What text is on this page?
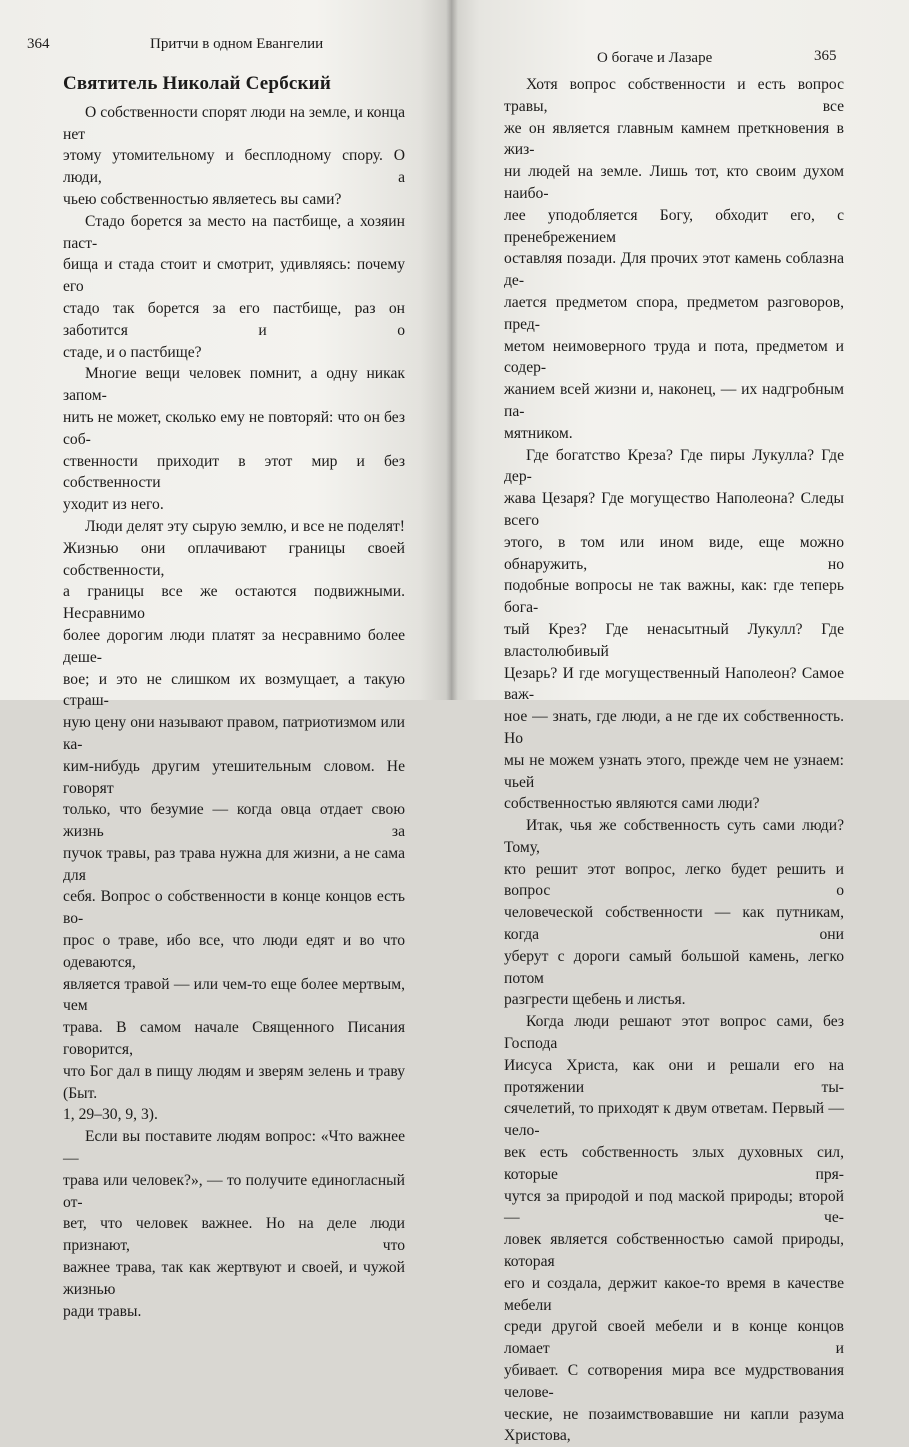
364	Притчи в одном Евангелии
Святитель Николай Сербский
О собственности спорят люди на земле, и конца нет
этому утомительному и бесплодному спору. О люди, а
чьею собственностью являетесь вы сами?
Стадо борется за место на пастбище, а хозяин паст-
бища и стада стоит и смотрит, удивляясь: почему его
стадо так борется за его пастбище, раз он заботится и о
стаде, и о пастбище?
Многие вещи человек помнит, а одну никак запом-
нить не может, сколько ему не повторяй: что он без соб-
ственности приходит в этот мир и без собственности
уходит из него.
Люди делят эту сырую землю, и все не поделят!
Жизнью они оплачивают границы своей собственности,
а границы все же остаются подвижными. Несравнимо
более дорогим люди платят за несравнимо более деше-
вое; и это не слишком их возмущает, а такую страш-
ную цену они называют правом, патриотизмом или ка-
ким-нибудь другим утешительным словом. Не говорят
только, что безумие — когда овца отдает свою жизнь за
пучок травы, раз трава нужна для жизни, а не сама для
себя. Вопрос о собственности в конце концов есть во-
прос о траве, ибо все, что люди едят и во что одеваются,
является травой — или чем-то еще более мертвым, чем
трава. В самом начале Священного Писания говорится,
что Бог дал в пищу людям и зверям зелень и траву (Быт.
1, 29–30, 9, 3).
Если вы поставите людям вопрос: «Что важнее —
трава или человек?», — то получите единогласный от-
вет, что человек важнее. Но на деле люди признают, что
важнее трава, так как жертвуют и своей, и чужой жизнью
ради травы.
О богаче и Лазаре	365
Хотя вопрос собственности и есть вопрос травы, все
же он является главным камнем преткновения в жиз-
ни людей на земле. Лишь тот, кто своим духом наибо-
лее уподобляется Богу, обходит его, с пренебрежением
оставляя позади. Для прочих этот камень соблазна де-
лается предметом спора, предметом разговоров, пред-
метом неимоверного труда и пота, предметом и содер-
жанием всей жизни и, наконец, — их надгробным па-
мятником.
Где богатство Креза? Где пиры Лукулла? Где дер-
жава Цезаря? Где могущество Наполеона? Следы всего
этого, в том или ином виде, еще можно обнаружить, но
подобные вопросы не так важны, как: где теперь богa-
тый Крез? Где ненасытный Лукулл? Где властолюбивый
Цезарь? И где могущественный Наполеон? Самое важ-
ное — знать, где люди, а не где их собственность. Но
мы не можем узнать этого, прежде чем не узнаем: чьей
собственностью являются сами люди?
Итак, чья же собственность суть сами люди? Тому,
кто решит этот вопрос, легко будет решить и вопрос о
человеческой собственности — как путникам, когда они
уберут с дороги самый большой камень, легко потом
разгрести щебень и листья.
Когда люди решают этот вопрос сами, без Господа
Иисуса Христа, как они и решали его на протяжении ты-
сячелетий, то приходят к двум ответам. Первый — чело-
век есть собственность злых духовных сил, которые пря-
чутся за природой и под маской природы; второй — че-
ловек является собственностью самой природы, которая
его и создала, держит какое-то время в качестве мебели
среди другой своей мебели и в конце концов ломает и
убивает. С сотворения мира все мудрствования челове-
ческие, не позаимствовавшие ни капли разума Христова,
